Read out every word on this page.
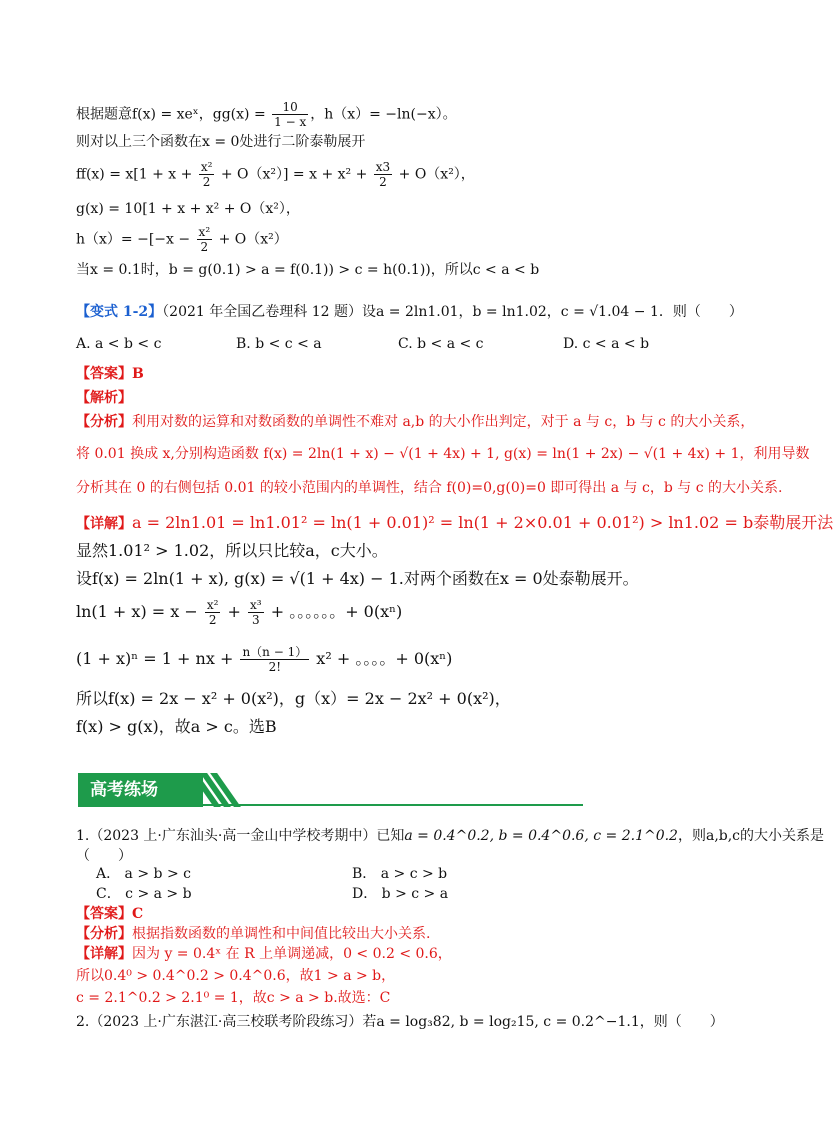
根据题意f(x) = xeˣ，$gg(x) = \frac{10}{1 - x}$ ，h（x）= −ln(−x）。
则对以上三个函数在x = 0处进行二阶泰勒展开
$ff(x) = x[1 + x + \frac{\text{x²}}{2} + O(x^2)] = x + x^2 + \frac{x3}{2} + O(x^2)$，
g(x) = 10[1 + x + x² + O（x²），
$h(x)= -[-x - \frac{\text{x²}}{2} + O(x^2)$
当x = 0.1时，b = g(0.1) > a = f(0.1)) > c = h(0.1))，所以c < a < b
【变式 1-2】（2021 年全国乙卷理科 12 题）设a = 2ln1.01，b = ln1.02，c = √1.04 − 1．则（　　）
A. a < b < c	B. b < c < a	C. b < a < c	D. c < a < b
【答案】B
【解析】
【分析】利用对数的运算和对数函数的单调性不难对 a,b 的大小作出判定，对于 a 与 c，b 与 c 的大小关系，
将 0.01 换成 x,分别构造函数 f(x) = 2ln(1 + x) − √(1 + 4x) + 1, g(x) = ln(1 + 2x) − √(1 + 4x) + 1，利用导数
分析其在 0 的右侧包括 0.01 的较小范围内的单调性，结合 f(0)=0,g(0)=0 即可得出 a 与 c，b 与 c 的大小关系.
【详解】a = 2ln1.01 = ln1.01² = ln(1 + 0.01)² = ln(1 + 2×0.01 + 0.01²) > ln1.02 = b泰勒展开法
显然1.01² > 1.02，所以只比较a，c大小。
设f(x) = 2ln(1 + x), g(x) = √(1 + 4x) − 1.对两个函数在x = 0处泰勒展开。
$\ln(1 + x) = x - \frac{\text{x²}}{2} + \frac{\text{x³}}{3}$ + 。。。。。。+ 0(xⁿ)
(1 + x)ⁿ = 1 + nx + $\frac{n(n - 1)}{2!} x^2$ + 。。。。+ 0(xⁿ)
所以f(x) = 2x − x² + 0(x²)，g（x）= 2x − 2x² + 0(x²)，
f(x) > g(x)，故a > c。选B
高考练场
1.（2023 上·广东汕头·高一金山中学校考期中）已知a = 0.4^0.2, b = 0.4^0.6, c = 2.1^0.2，则a,b,c的大小关系是
（　　）
A． a > b > c	B． a > c > b
C． c > a > b	D． b > c > a
【答案】C
【分析】根据指数函数的单调性和中间值比较出大小关系.
【详解】因为 y = 0.4ˣ 在 R 上单调递减，0 < 0.2 < 0.6，
所以0.4⁰ > 0.4^0.2 > 0.4^0.6，故1 > a > b，
c = 2.1^0.2 > 2.1⁰ = 1，故c > a > b.故选：C
2.（2023 上·广东湛江·高三校联考阶段练习）若a = log₃82, b = log₂15, c = 0.2^−1.1，则（　　）
